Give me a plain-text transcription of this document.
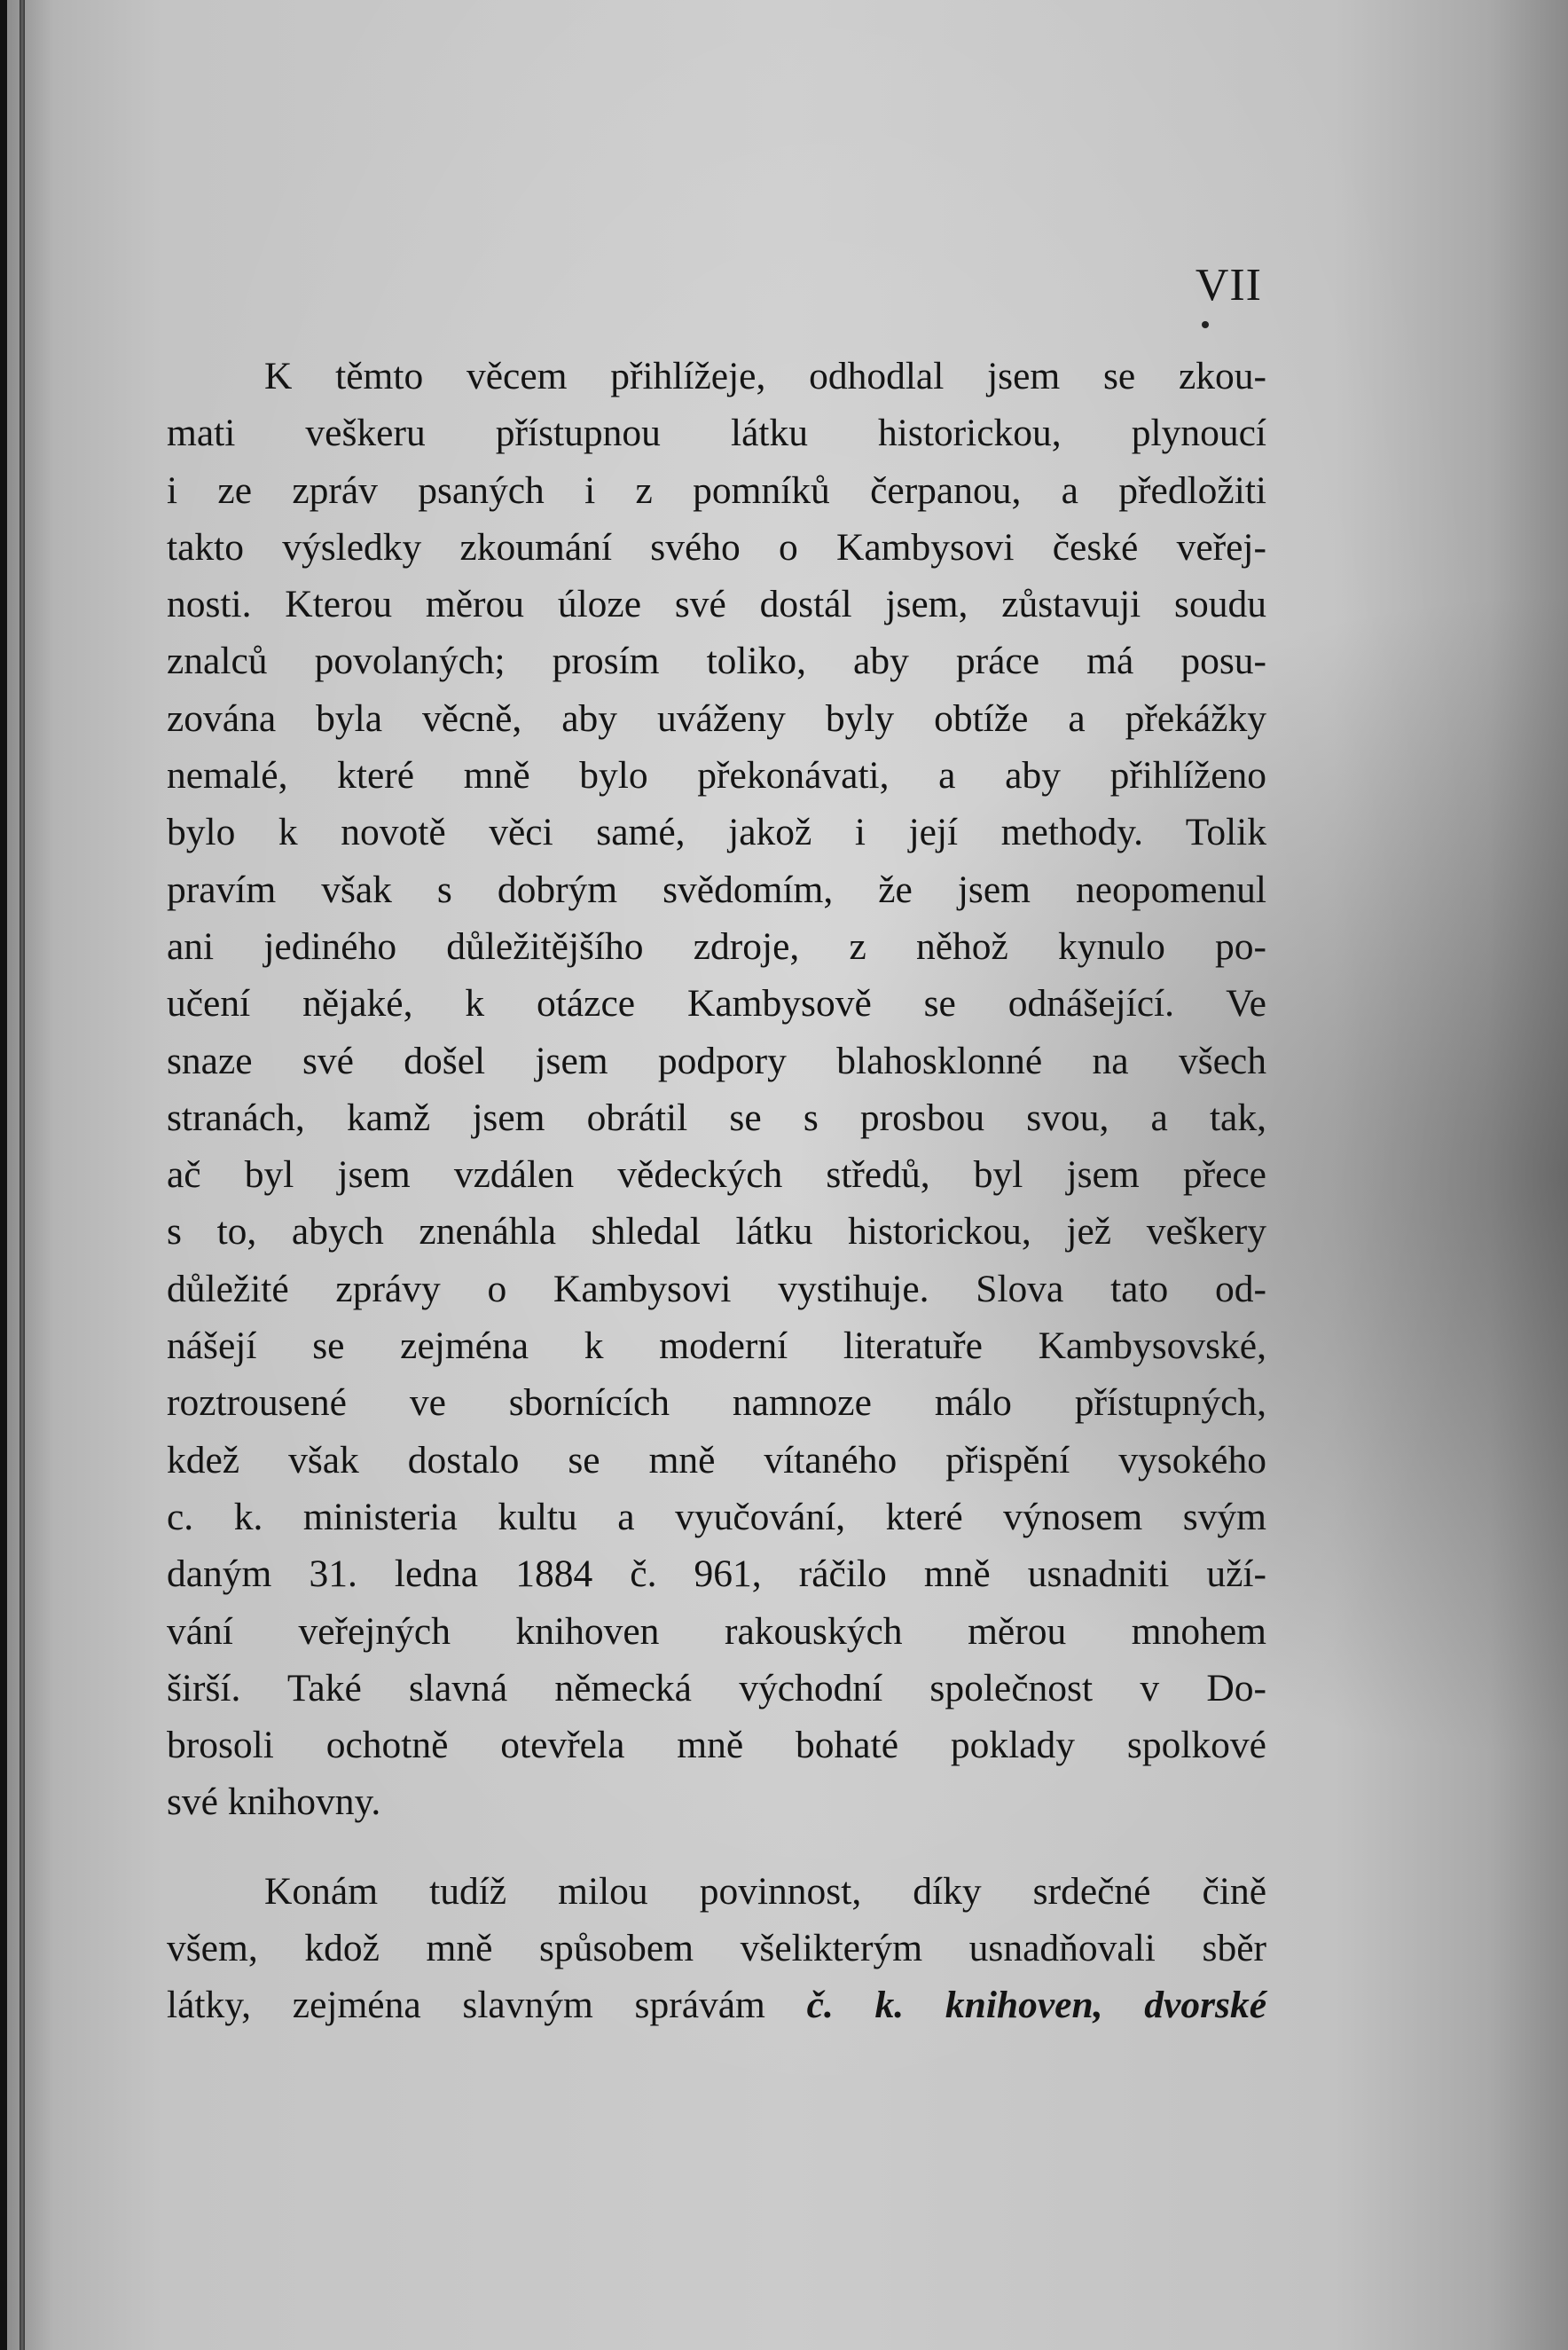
VII
K těmto věcem přihlížeje, odhodlal jsem se zkou-
mati veškeru přístupnou látku historickou, plynoucí
i ze zpráv psaných i z pomníků čerpanou, a předložiti
takto výsledky zkoumání svého o Kambysovi české veřej-
nosti. Kterou měrou úloze své dostál jsem, zůstavuji soudu
znalců povolaných; prosím toliko, aby práce má posu-
zována byla věcně, aby uváženy byly obtíže a překážky
nemalé, které mně bylo překonávati, a aby přihlíženo
bylo k novotě věci samé, jakož i její methody. Tolik
pravím však s dobrým svědomím, že jsem neopomenul
ani jediného důležitějšího zdroje, z něhož kynulo po-
učení nějaké, k otázce Kambysově se odnášející. Ve
snaze své došel jsem podpory blahosklonné na všech
stranách, kamž jsem obrátil se s prosbou svou, a tak,
ač byl jsem vzdálen vědeckých středů, byl jsem přece
s to, abych znenáhla shledal látku historickou, jež veškery
důležité zprávy o Kambysovi vystihuje. Slova tato od-
nášejí se zejména k moderní literatuře Kambysovské,
roztrousené ve sbornících namnoze málo přístupných,
kdež však dostalo se mně vítaného přispění vysokého
c. k. ministeria kultu a vyučování, které výnosem svým
daným 31. ledna 1884 č. 961, ráčilo mně usnadniti uží-
vání veřejných knihoven rakouských měrou mnohem
širší. Také slavná německá východní společnost v Do-
brosoli ochotně otevřela mně bohaté poklady spolkové
své knihovny.
Konám tudíž milou povinnost, díky srdečné čině
všem, kdož mně spůsobem všelikterým usnadňovali sběr
látky, zejména slavným správám č. k. knihoven, dvorské
